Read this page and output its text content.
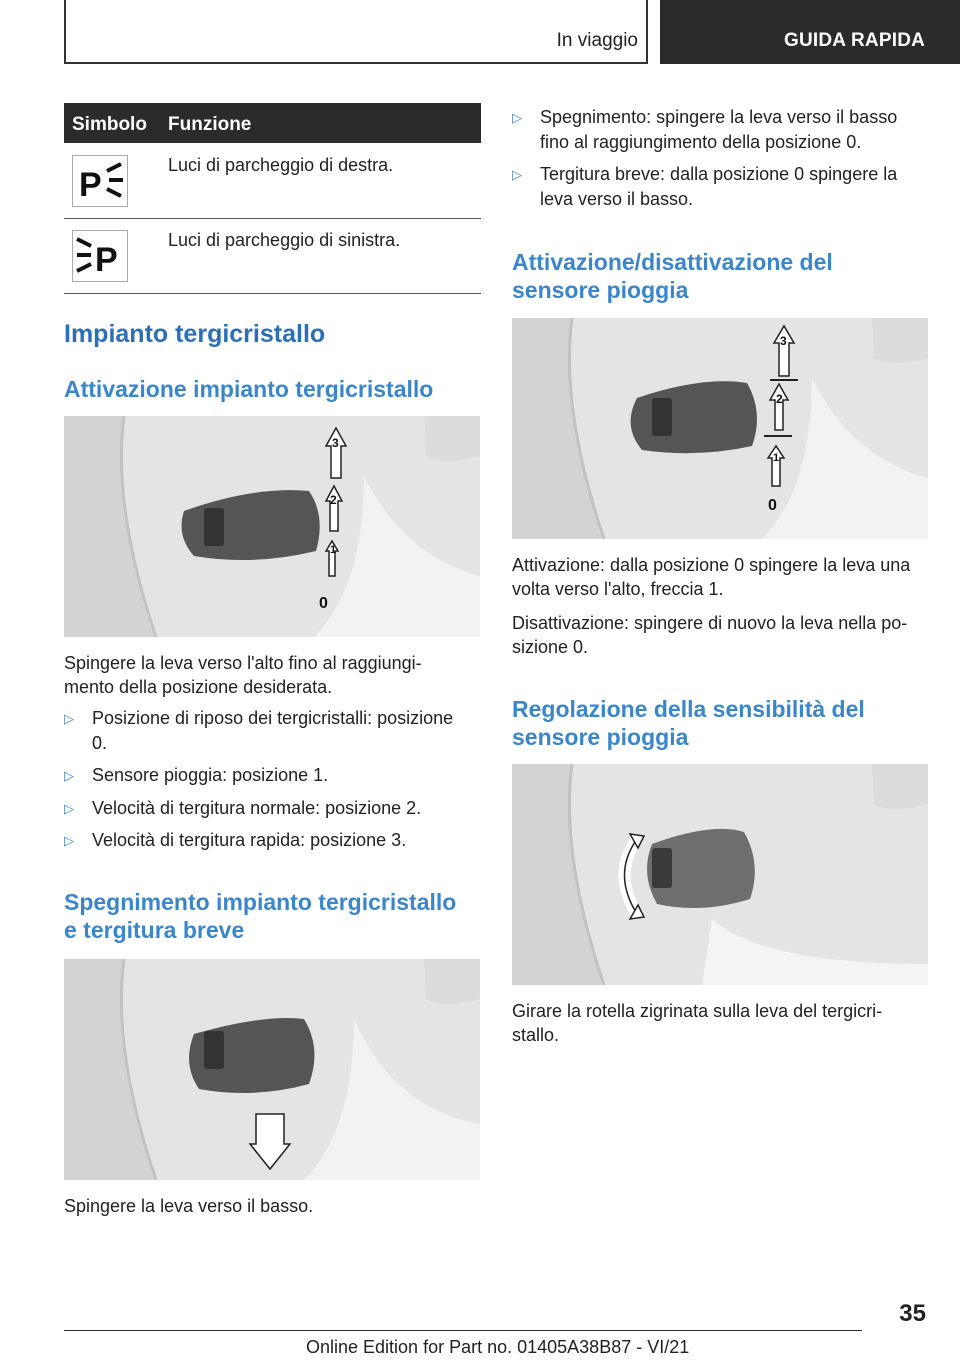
In viaggio	GUIDA RAPIDA
Simbolo Funzione
P
Luci di parcheggio di destra.
P
Luci di parcheggio di sinistra.
Impianto tergicristallo
Attivazione impianto tergicristallo
1
2
3
0
Spingere la leva verso l'alto fino al raggiungi-
mento della posizione desiderata.
▷ Posizione di riposo dei tergicristalli: posizione
0.
▷ Sensore pioggia: posizione 1.
▷ Velocità di tergitura normale: posizione 2.
▷ Velocità di tergitura rapida: posizione 3.
Spegnimento impianto tergicristallo
e tergitura breve
Spingere la leva verso il basso.
▷ Spegnimento: spingere la leva verso il basso
fino al raggiungimento della posizione 0.
▷ Tergitura breve: dalla posizione 0 spingere la
leva verso il basso.
Attivazione/disattivazione del
sensore pioggia
1
2
3
0
Attivazione: dalla posizione 0 spingere la leva una
volta verso l'alto, freccia 1.
Disattivazione: spingere di nuovo la leva nella po-
sizione 0.
Regolazione della sensibilità del
sensore pioggia
Girare la rotella zigrinata sulla leva del tergicri-
stallo.
35
Online Edition for Part no. 01405A38B87 - VI/21
